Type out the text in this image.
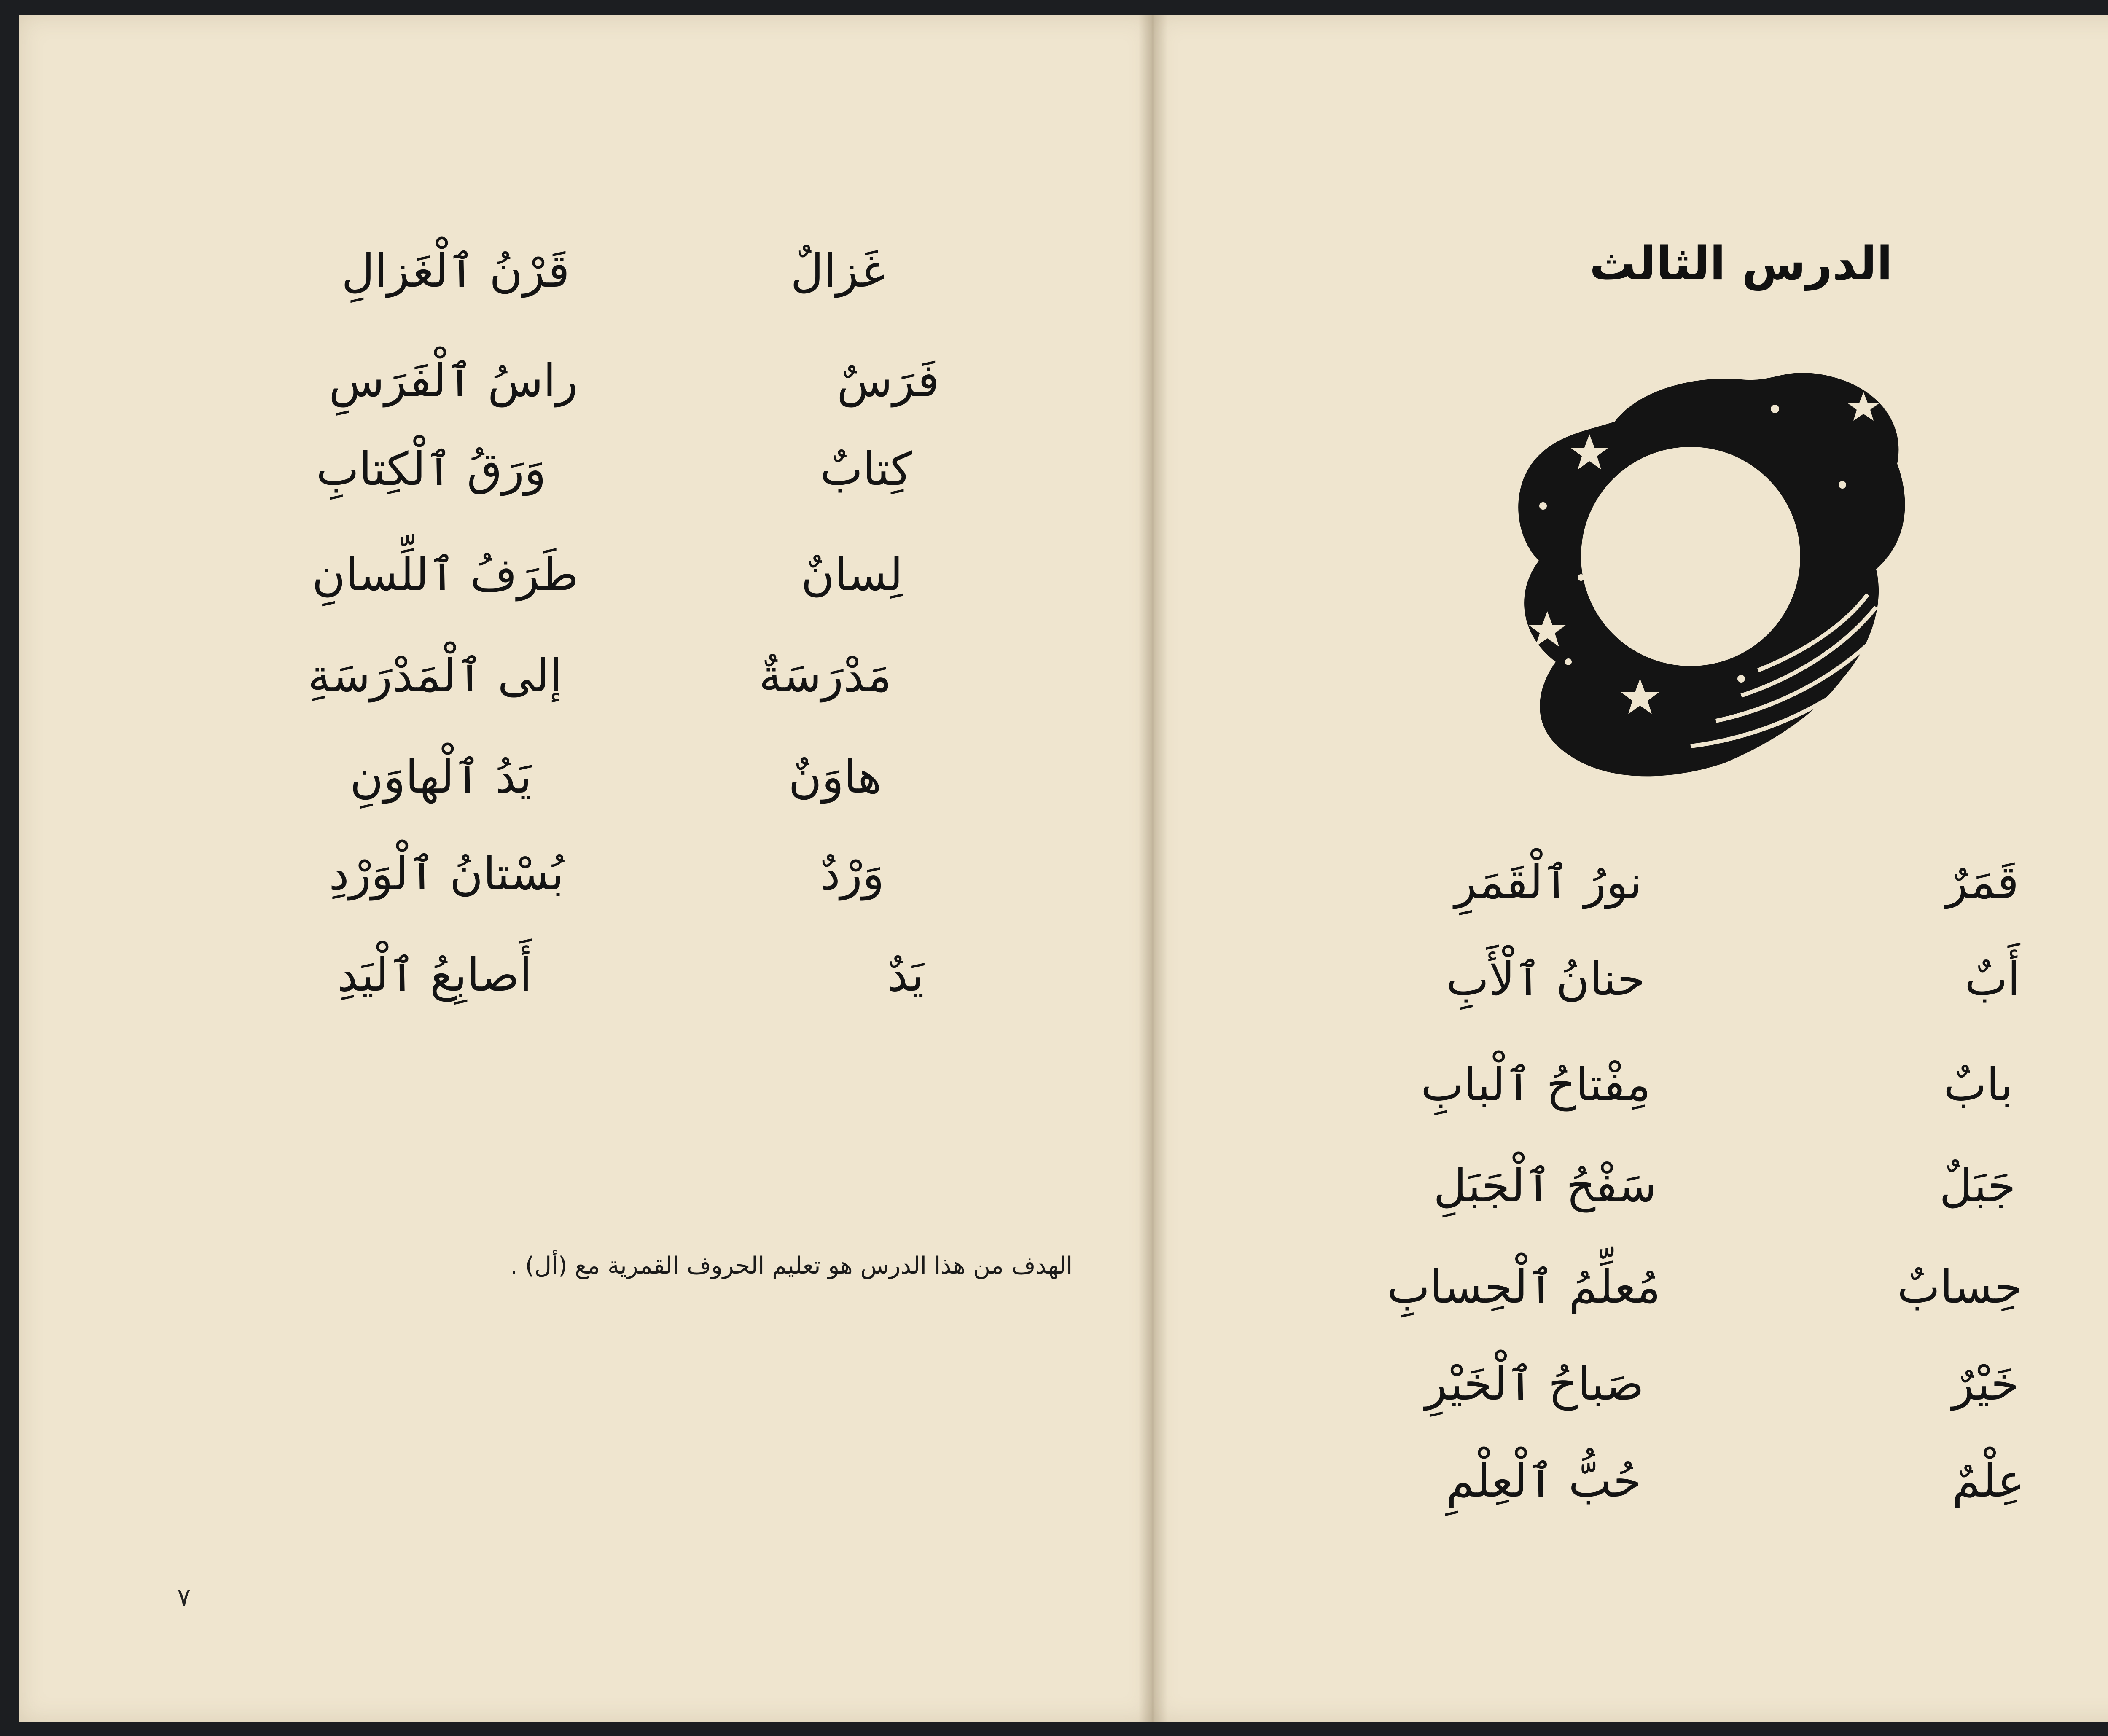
الدرس الثالث
قَمَرٌ
نورُ ٱلْقَمَرِ
أَبٌ
حنانُ ٱلْأَبِ
بابٌ
مِفْتاحُ ٱلْبابِ
جَبَلٌ
سَفْحُ ٱلْجَبَلِ
حِسابٌ
مُعلِّمُ ٱلْحِسابِ
خَيْرٌ
صَباحُ ٱلْخَيْرِ
عِلْمٌ
حُبُّ ٱلْعِلْمِ
غَزالٌ
قَرْنُ ٱلْغَزالِ
فَرَسٌ
راسُ ٱلْفَرَسِ
كِتابٌ
وَرَقُ ٱلْكِتابِ
لِسانٌ
طَرَفُ ٱللِّسانِ
مَدْرَسَةٌ
إلى ٱلْمَدْرَسَةِ
هاوَنٌ
يَدُ ٱلْهاوَنِ
وَرْدٌ
بُسْتانُ ٱلْوَرْدِ
يَدٌ
أَصابِعُ ٱلْيَدِ
الهدف من هذا الدرس هو تعليم الحروف القمرية مع (أل) .
٧
